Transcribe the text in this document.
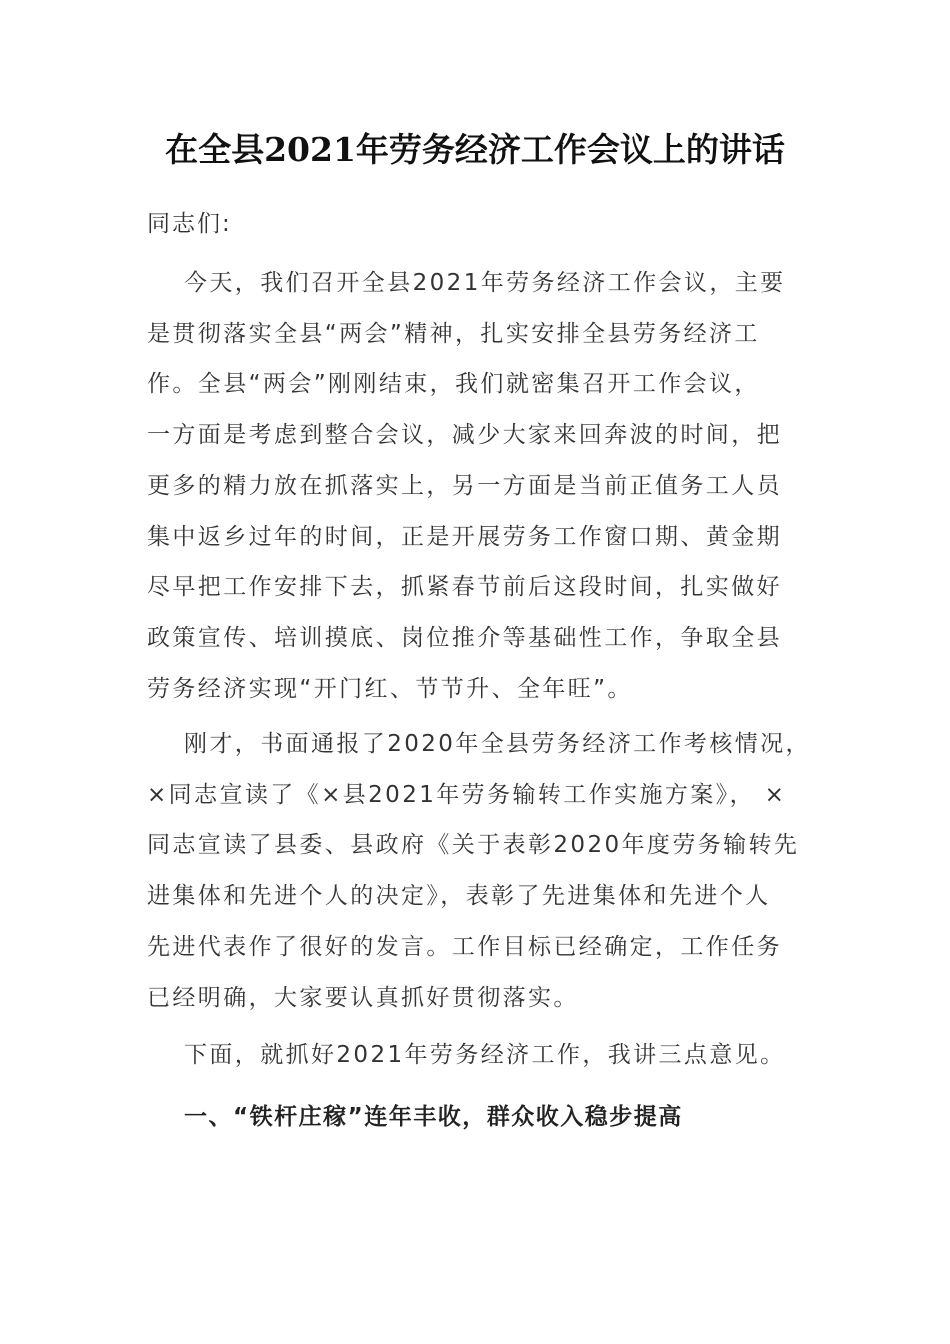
在全县2021年劳务经济工作会议上的讲话
同志们:
今天，我们召开全县2021年劳务经济工作会议，主要
是贯彻落实全县“两会”精神，扎实安排全县劳务经济工
作。全县“两会”刚刚结束，我们就密集召开工作会议，
一方面是考虑到整合会议，减少大家来回奔波的时间，把
更多的精力放在抓落实上，另一方面是当前正值务工人员
集中返乡过年的时间，正是开展劳务工作窗口期、黄金期
尽早把工作安排下去，抓紧春节前后这段时间，扎实做好
政策宣传、培训摸底、岗位推介等基础性工作，争取全县
劳务经济实现“开门红、节节升、全年旺”。
刚才，书面通报了2020年全县劳务经济工作考核情况，
×同志宣读了《×县2021年劳务输转工作实施方案》， ×
同志宣读了县委、县政府《关于表彰2020年度劳务输转先
进集体和先进个人的决定》，表彰了先进集体和先进个人
先进代表作了很好的发言。工作目标已经确定，工作任务
已经明确，大家要认真抓好贯彻落实。
下面，就抓好2021年劳务经济工作，我讲三点意见。
一、“铁杆庄稼”连年丰收，群众收入稳步提高
